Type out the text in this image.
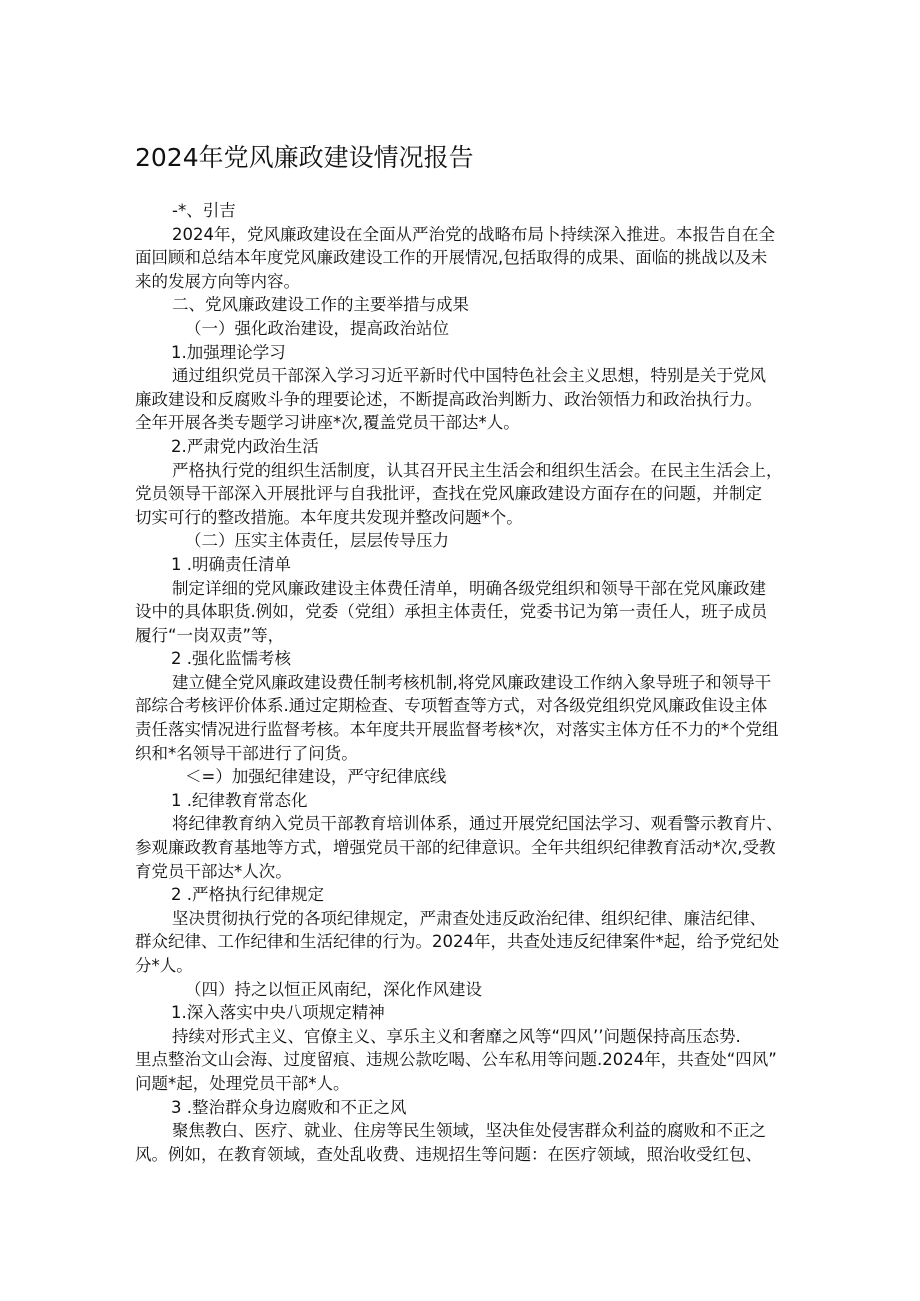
2024年党风廉政建设情况报告
-*、引吉
2024年，党风廉政建设在全面从严治党的战略布局卜持续深入推进。本报告自在全
面回顾和总结本年度党风廉政建设工作的开展情况,包括取得的成果、面临的挑战以及未
来的发展方向等内容。
二、党风廉政建设工作的主要举措与成果
（一）强化政治建设，提高政治站位
1.加强理论学习
通过组织党员干部深入学习习近平新时代中国特色社会主义思想，特别是关于党风
廉政建设和反腐败斗争的理要论述，不断提高政治判断力、政治领悟力和政治执行力。
全年开展各类专题学习讲座*次,覆盖党员干部达*人。
2.严肃党内政治生活
严格执行党的组织生活制度，认其召开民主生活会和组织生活会。在民主生活会上，
党员领导干部深入开展批评与自我批评，查找在党风廉政建设方面存在的问题，并制定
切实可行的整改措施。本年度共发现并整改问题*个。
（二）压实主体责任，层层传导压力
1 .明确责任清单
制定详细的党风廉政建设主体费任清单，明确各级党组织和领导干部在党风廉政建
设中的具体职货.例如，党委（党组）承担主体责任，党委书记为第一责任人，班子成员
履行“一岗双责”等，
2 .强化监懦考核
建立健全党风廉政建设费任制考核机制,将党风廉政建设工作纳入象导班子和领导干
部综合考核评价体系.通过定期检查、专项暂查等方式，对各级党组织党风廉政隹设主体
责任落实情况进行监督考核。本年度共开展监督考核*次，对落实主体方任不力的*个党组
织和*名领导干部进行了问货。
＜=）加强纪律建设，严守纪律底线
1 .纪律教育常态化
将纪律教育纳入党员干部教育培训体系，通过开展党纪国法学习、观看警示教育片、
参观廉政教育基地等方式，增强党员干部的纪律意识。全年共组织纪律教育活动*次,受教
育党员干部达*人次。
2 .严格执行纪律规定
坚决贯彻执行党的各项纪律规定，严肃查处违反政治纪律、组织纪律、廉洁纪律、
群众纪律、工作纪律和生活纪律的行为。2024年，共查处违反纪律案件*起，给予党纪处
分*人。
（四）持之以恒正风南纪，深化作风建设
1.深入落实中央八项规定精神
持续对形式主义、官僚主义、享乐主义和奢靡之风等“四风’’问题保持高压态势.
里点整治文山会海、过度留痕、违规公款吃喝、公车私用等问题.2024年，共查处“四风”
问题*起，处理党员干部*人。
3 .整治群众身边腐败和不正之风
聚焦教白、医疗、就业、住房等民生领域，坚决隹处侵害群众利益的腐败和不正之
风。例如，在教育领域，查处乱收费、违规招生等问题：在医疗领域，照治收受红包、
